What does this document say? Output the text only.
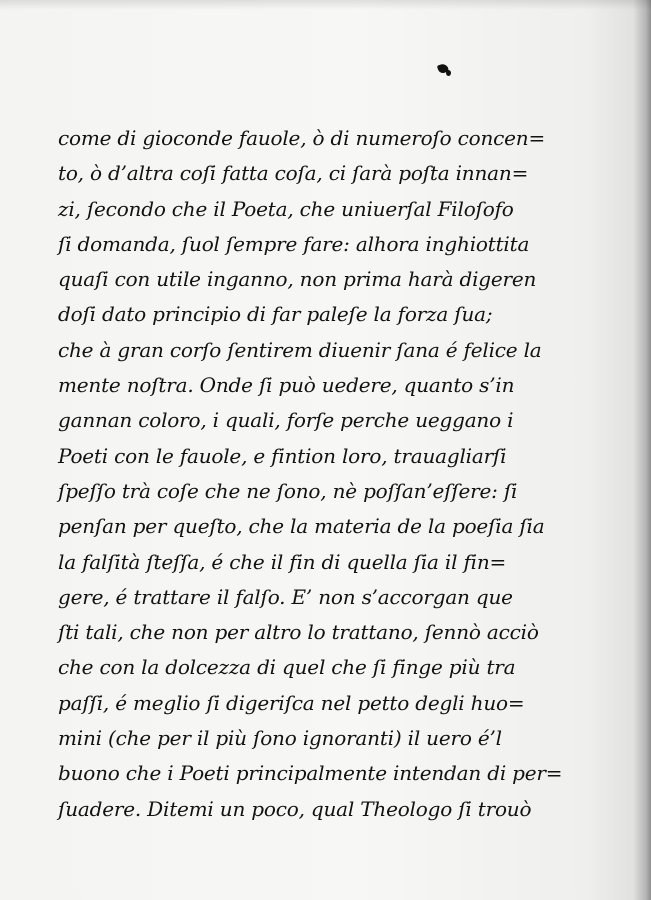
come di gioconde fauole, ò di numeroſo concen=
to, ò d’altra coſi fatta coſa, ci ſarà poſta innan=
zi, ſecondo che il Poeta, che uniuerſal Filoſofo
ſi domanda, ſuol ſempre fare: alhora inghiottita
quaſi con utile inganno, non prima harà digeren
doſi dato principio di far paleſe la forza ſua;
che à gran corſo ſentirem diuenir ſana é felice la
mente noſtra. Onde ſi può uedere, quanto s’in
gannan coloro, i quali, forſe perche ueggano i
Poeti con le fauole, e fintion loro, trauagliarſi
ſpeſſo trà coſe che ne ſono, nè poſſan’eſſere: ſi
penſan per queſto, che la materia de la poeſia ſia
la falſità ſteſſa, é che il fin di quella ſia il fin=
gere, é trattare il falſo. E’ non s’accorgan que
ſti tali, che non per altro lo trattano, ſennò acciò
che con la dolcezza di quel che ſi finge più tra
paſſi, é meglio ſi digeriſca nel petto degli huo=
mini (che per il più ſono ignoranti) il uero é’l
buono che i Poeti principalmente intendan di per=
ſuadere. Ditemi un poco, qual Theologo ſi trouò
